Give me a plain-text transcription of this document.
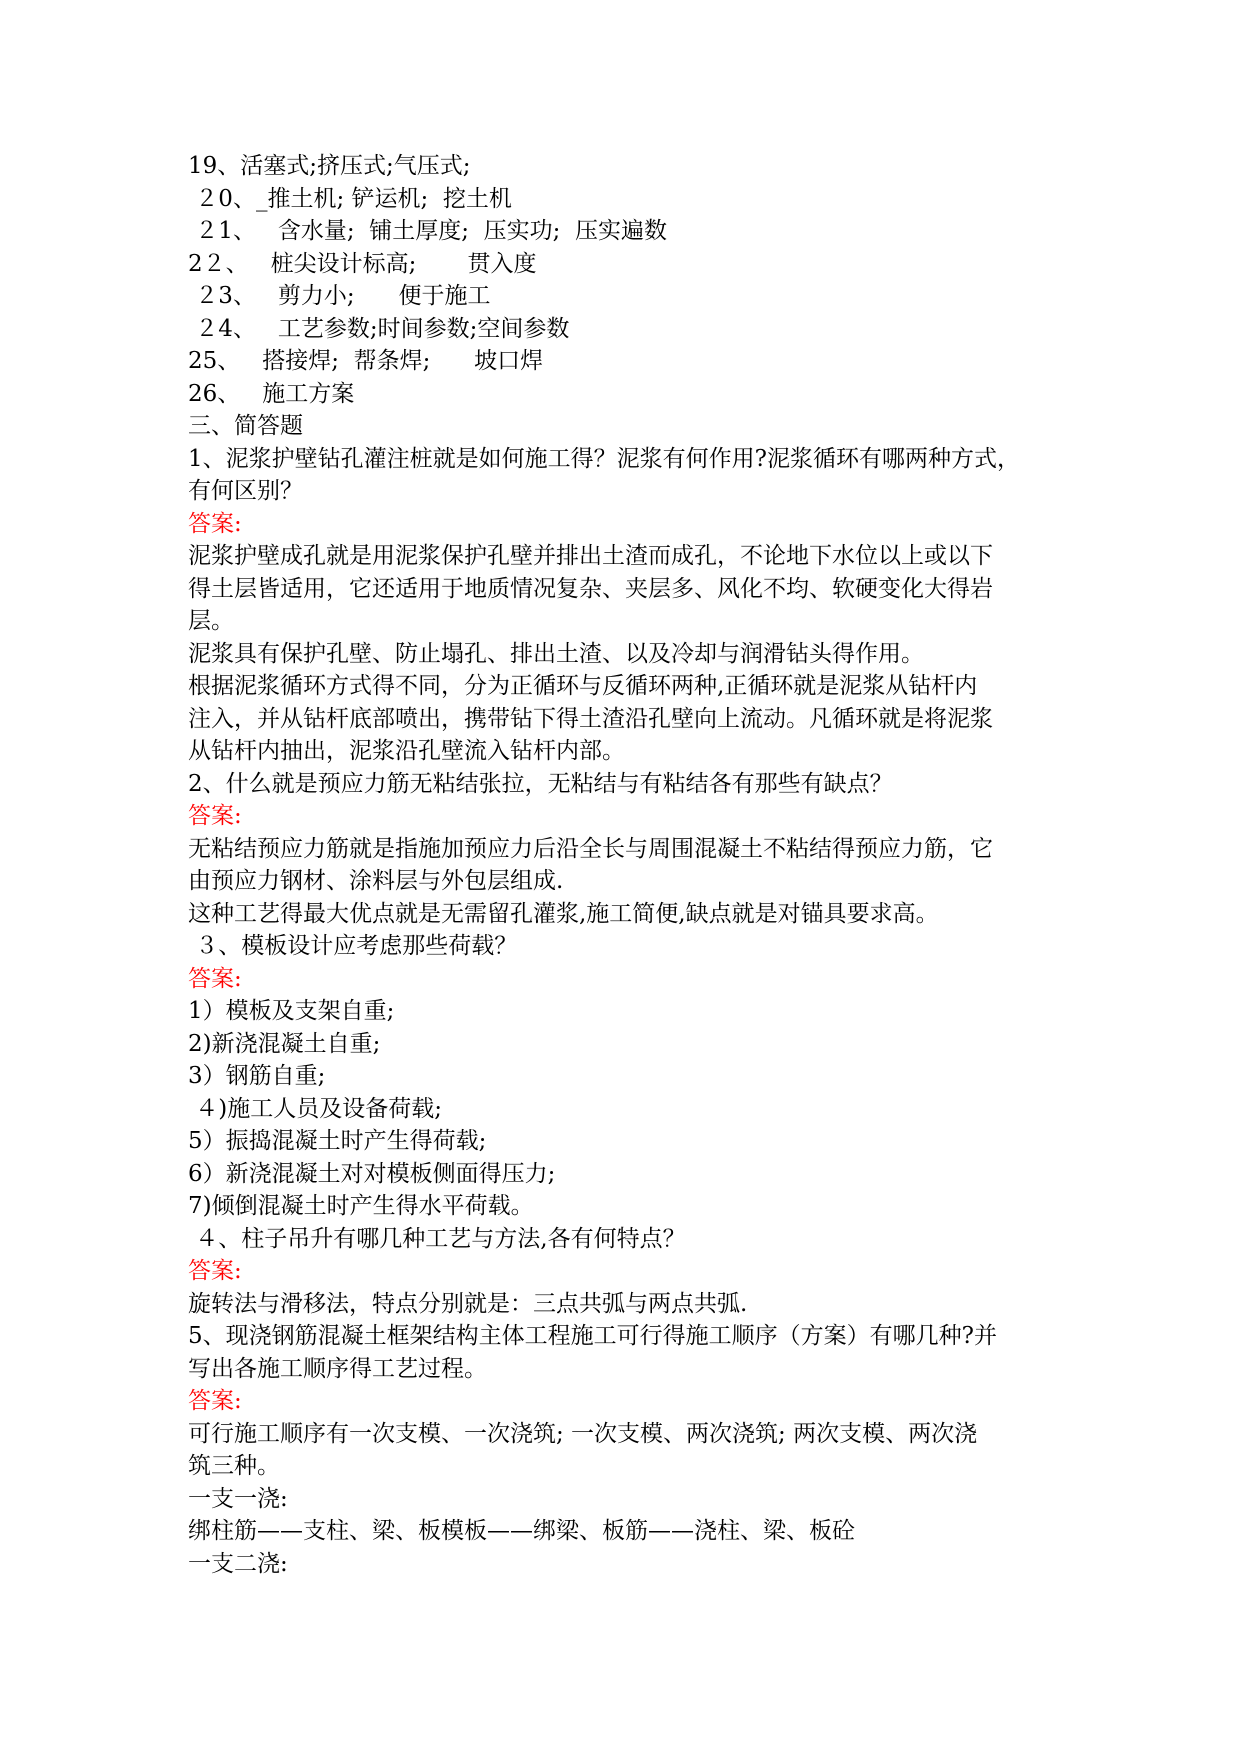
19、活塞式;挤压式;气压式;
２0、_推土机; 铲运机;  挖土机
２1、   含水量;  铺土厚度;  压实功;  压实遍数
2２、   桩尖设计标高;       贯入度
２3、   剪力小;      便于施工
２4、   工艺参数;时间参数;空间参数
25、   搭接焊;  帮条焊;      坡口焊
26、   施工方案
三、简答题
1、泥浆护壁钻孔灌注桩就是如何施工得？泥浆有何作用?泥浆循环有哪两种方式，
有何区别？
答案:
泥浆护壁成孔就是用泥浆保护孔壁并排出土渣而成孔，不论地下水位以上或以下
得土层皆适用，它还适用于地质情况复杂、夹层多、风化不均、软硬变化大得岩
层。
泥浆具有保护孔壁、防止塌孔、排出土渣、以及冷却与润滑钻头得作用。
根据泥浆循环方式得不同，分为正循环与反循环两种,正循环就是泥浆从钻杆内
注入，并从钻杆底部喷出，携带钻下得土渣沿孔壁向上流动。凡循环就是将泥浆
从钻杆内抽出，泥浆沿孔壁流入钻杆内部。
2、什么就是预应力筋无粘结张拉，无粘结与有粘结各有那些有缺点？
答案:
无粘结预应力筋就是指施加预应力后沿全长与周围混凝土不粘结得预应力筋，它
由预应力钢材、涂料层与外包层组成.
这种工艺得最大优点就是无需留孔灌浆,施工简便,缺点就是对锚具要求高。
３、模板设计应考虑那些荷载？
答案:
1）模板及支架自重;
2)新浇混凝土自重;
3）钢筋自重;
４)施工人员及设备荷载;
5）振捣混凝土时产生得荷载;
6）新浇混凝土对对模板侧面得压力;
7)倾倒混凝土时产生得水平荷载。
４、柱子吊升有哪几种工艺与方法,各有何特点？
答案:
旋转法与滑移法，特点分别就是：三点共弧与两点共弧.
5、现浇钢筋混凝土框架结构主体工程施工可行得施工顺序（方案）有哪几种?并
写出各施工顺序得工艺过程。
答案:
可行施工顺序有一次支模、一次浇筑; 一次支模、两次浇筑; 两次支模、两次浇
筑三种。
一支一浇:
绑柱筋——支柱、梁、板模板——绑梁、板筋——浇柱、梁、板砼
一支二浇:
